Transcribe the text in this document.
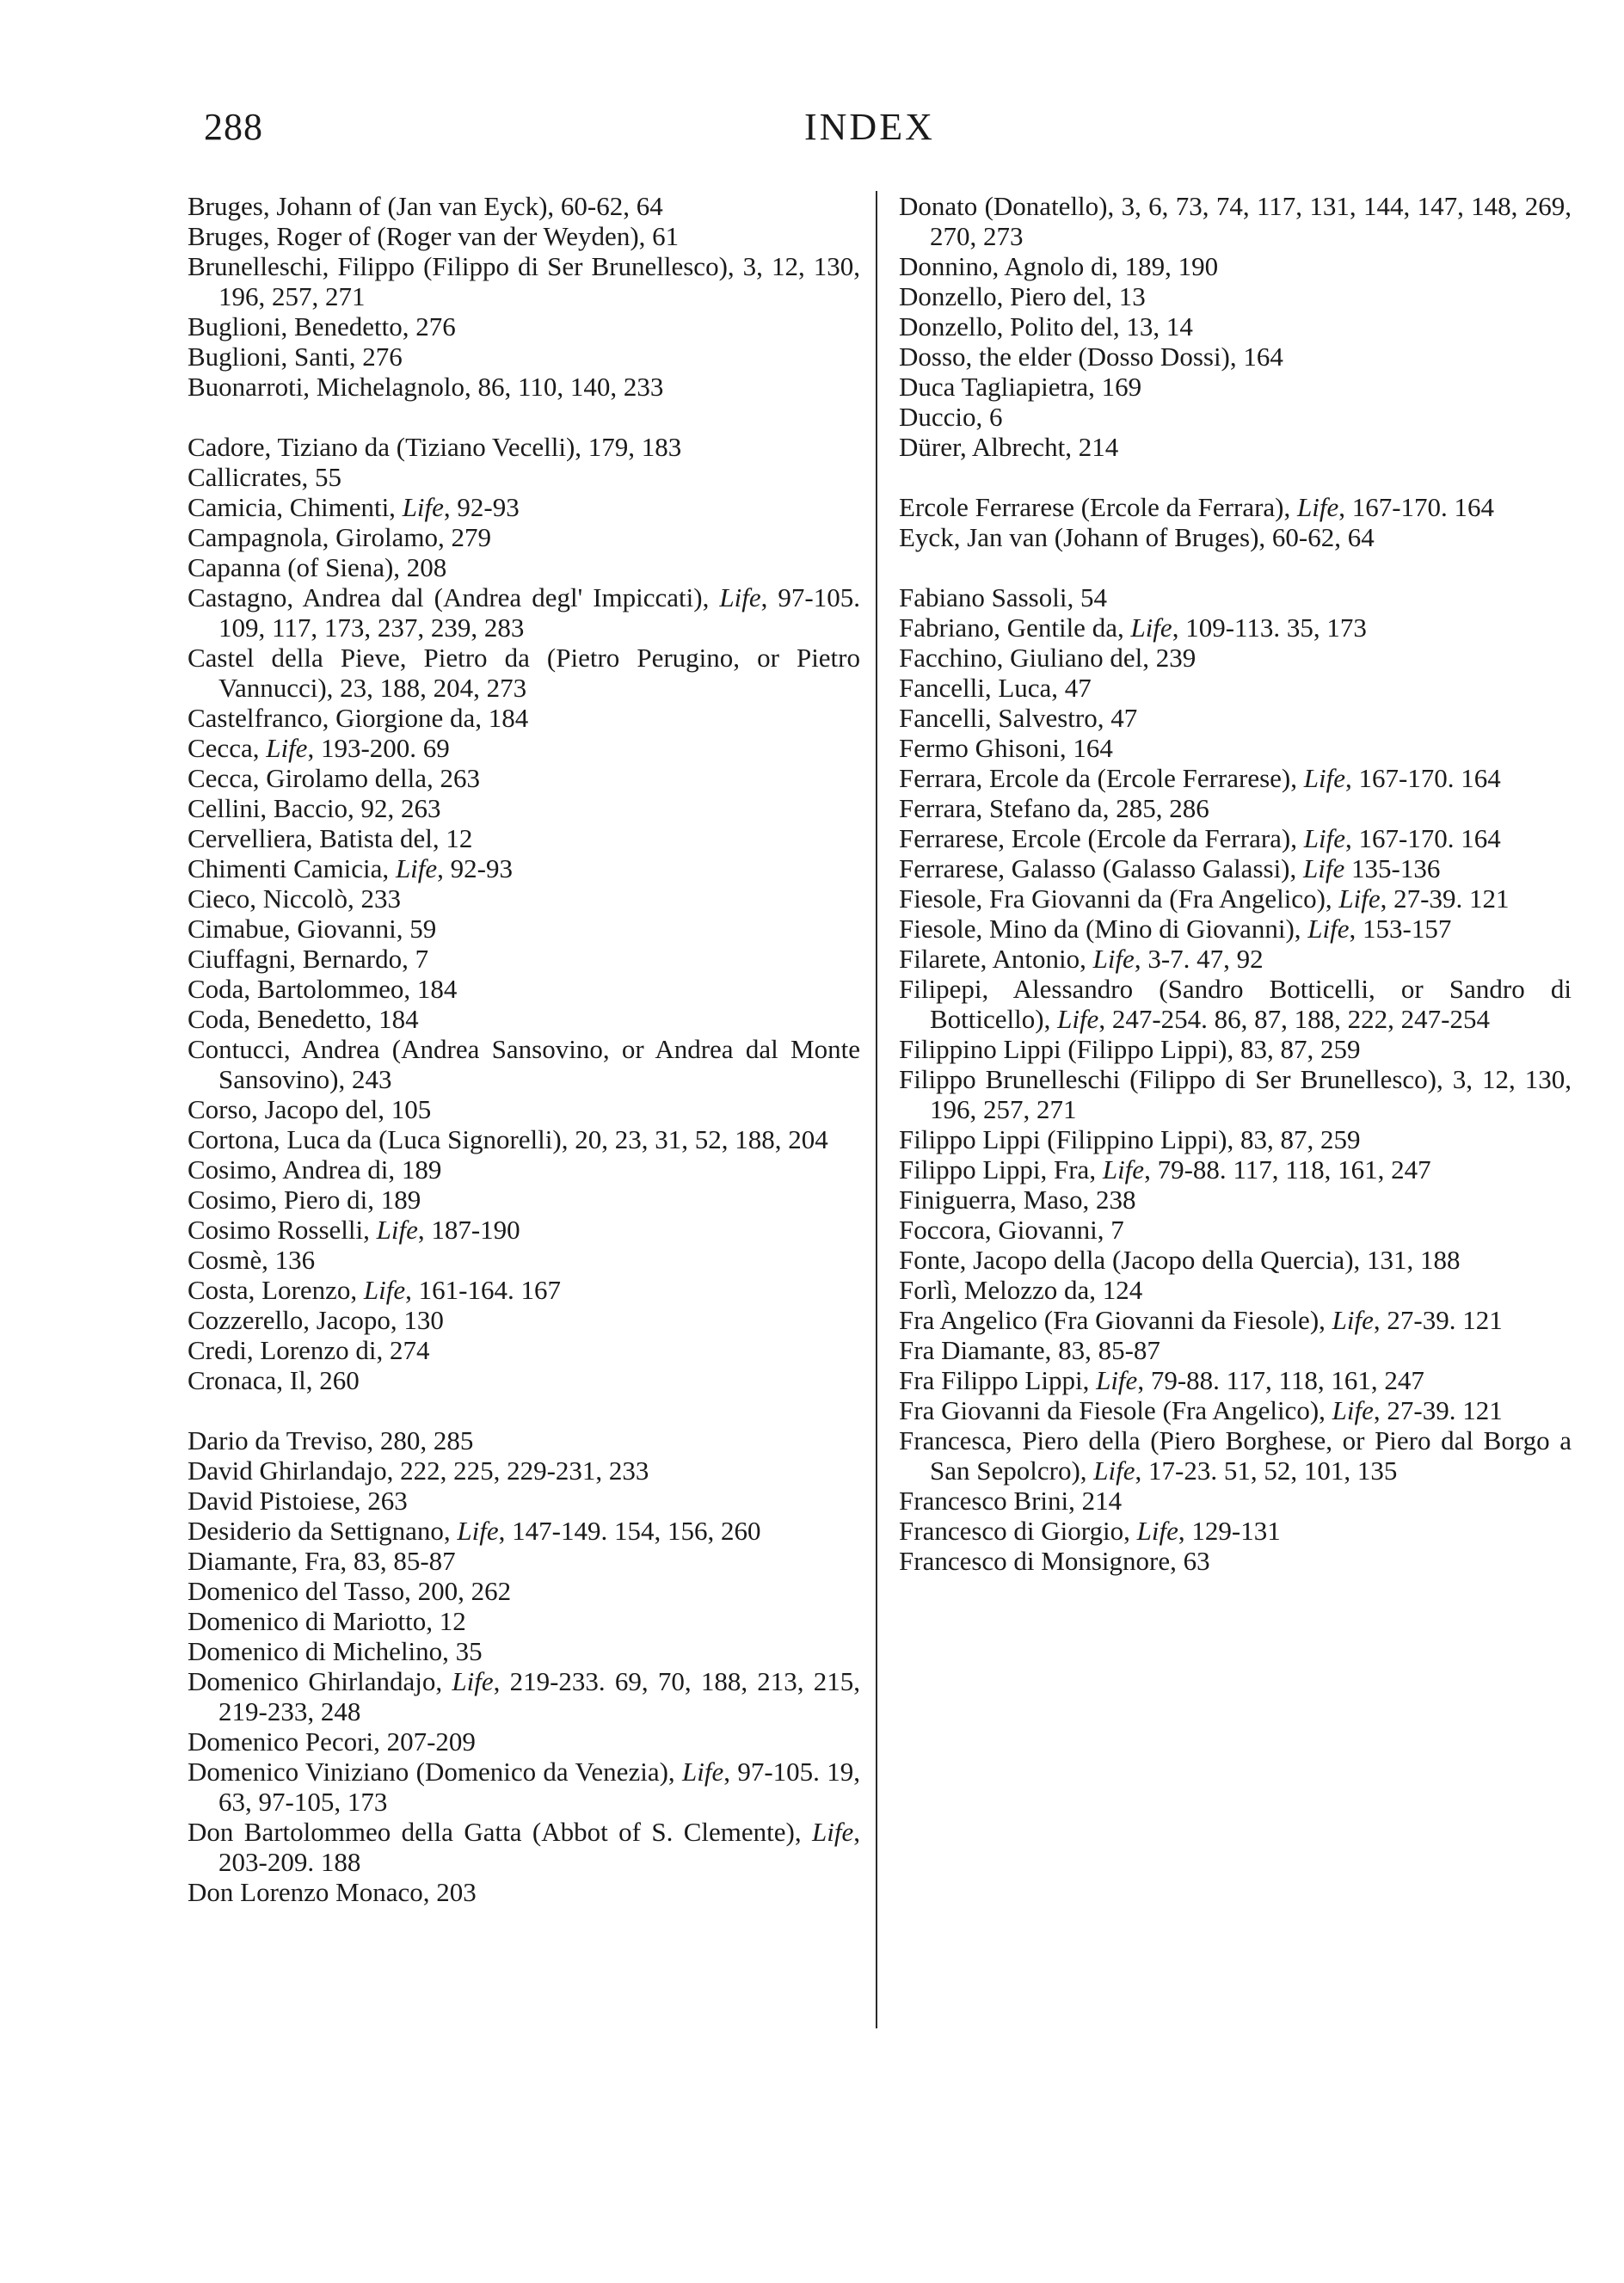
288	INDEX
Bruges, Johann of (Jan van Eyck), 60-62, 64
Bruges, Roger of (Roger van der Weyden), 61
Brunelleschi, Filippo (Filippo di Ser Brunellesco), 3, 12, 130, 196, 257, 271
Buglioni, Benedetto, 276
Buglioni, Santi, 276
Buonarroti, Michelagnolo, 86, 110, 140, 233
Cadore, Tiziano da (Tiziano Vecelli), 179, 183
Callicrates, 55
Camicia, Chimenti, Life, 92-93
Campagnola, Girolamo, 279
Capanna (of Siena), 208
Castagno, Andrea dal (Andrea degl' Impiccati), Life, 97-105. 109, 117, 173, 237, 239, 283
Castel della Pieve, Pietro da (Pietro Perugino, or Pietro Vannucci), 23, 188, 204, 273
Castelfranco, Giorgione da, 184
Cecca, Life, 193-200. 69
Cecca, Girolamo della, 263
Cellini, Baccio, 92, 263
Cervelliera, Batista del, 12
Chimenti Camicia, Life, 92-93
Cieco, Niccolò, 233
Cimabue, Giovanni, 59
Ciuffagni, Bernardo, 7
Coda, Bartolommeo, 184
Coda, Benedetto, 184
Contucci, Andrea (Andrea Sansovino, or Andrea dal Monte Sansovino), 243
Corso, Jacopo del, 105
Cortona, Luca da (Luca Signorelli), 20, 23, 31, 52, 188, 204
Cosimo, Andrea di, 189
Cosimo, Piero di, 189
Cosimo Rosselli, Life, 187-190
Cosmè, 136
Costa, Lorenzo, Life, 161-164. 167
Cozzerello, Jacopo, 130
Credi, Lorenzo di, 274
Cronaca, Il, 260
Dario da Treviso, 280, 285
David Ghirlandajo, 222, 225, 229-231, 233
David Pistoiese, 263
Desiderio da Settignano, Life, 147-149. 154, 156, 260
Diamante, Fra, 83, 85-87
Domenico del Tasso, 200, 262
Domenico di Mariotto, 12
Domenico di Michelino, 35
Domenico Ghirlandajo, Life, 219-233. 69, 70, 188, 213, 215, 219-233, 248
Domenico Pecori, 207-209
Domenico Viniziano (Domenico da Venezia), Life, 97-105. 19, 63, 97-105, 173
Don Bartolommeo della Gatta (Abbot of S. Clemente), Life, 203-209. 188
Don Lorenzo Monaco, 203
Donato (Donatello), 3, 6, 73, 74, 117, 131, 144, 147, 148, 269, 270, 273
Donnino, Agnolo di, 189, 190
Donzello, Piero del, 13
Donzello, Polito del, 13, 14
Dosso, the elder (Dosso Dossi), 164
Duca Tagliapietra, 169
Duccio, 6
Dürer, Albrecht, 214
Ercole Ferrarese (Ercole da Ferrara), Life, 167-170. 164
Eyck, Jan van (Johann of Bruges), 60-62, 64
Fabiano Sassoli, 54
Fabriano, Gentile da, Life, 109-113. 35, 173
Facchino, Giuliano del, 239
Fancelli, Luca, 47
Fancelli, Salvestro, 47
Fermo Ghisoni, 164
Ferrara, Ercole da (Ercole Ferrarese), Life, 167-170. 164
Ferrara, Stefano da, 285, 286
Ferrarese, Ercole (Ercole da Ferrara), Life, 167-170. 164
Ferrarese, Galasso (Galasso Galassi), Life 135-136
Fiesole, Fra Giovanni da (Fra Angelico), Life, 27-39. 121
Fiesole, Mino da (Mino di Giovanni), Life, 153-157
Filarete, Antonio, Life, 3-7. 47, 92
Filipepi, Alessandro (Sandro Botticelli, or Sandro di Botticello), Life, 247-254. 86, 87, 188, 222, 247-254
Filippino Lippi (Filippo Lippi), 83, 87, 259
Filippo Brunelleschi (Filippo di Ser Brunellesco), 3, 12, 130, 196, 257, 271
Filippo Lippi (Filippino Lippi), 83, 87, 259
Filippo Lippi, Fra, Life, 79-88. 117, 118, 161, 247
Finiguerra, Maso, 238
Foccora, Giovanni, 7
Fonte, Jacopo della (Jacopo della Quercia), 131, 188
Forlì, Melozzo da, 124
Fra Angelico (Fra Giovanni da Fiesole), Life, 27-39. 121
Fra Diamante, 83, 85-87
Fra Filippo Lippi, Life, 79-88. 117, 118, 161, 247
Fra Giovanni da Fiesole (Fra Angelico), Life, 27-39. 121
Francesca, Piero della (Piero Borghese, or Piero dal Borgo a San Sepolcro), Life, 17-23. 51, 52, 101, 135
Francesco Brini, 214
Francesco di Giorgio, Life, 129-131
Francesco di Monsignore, 63
